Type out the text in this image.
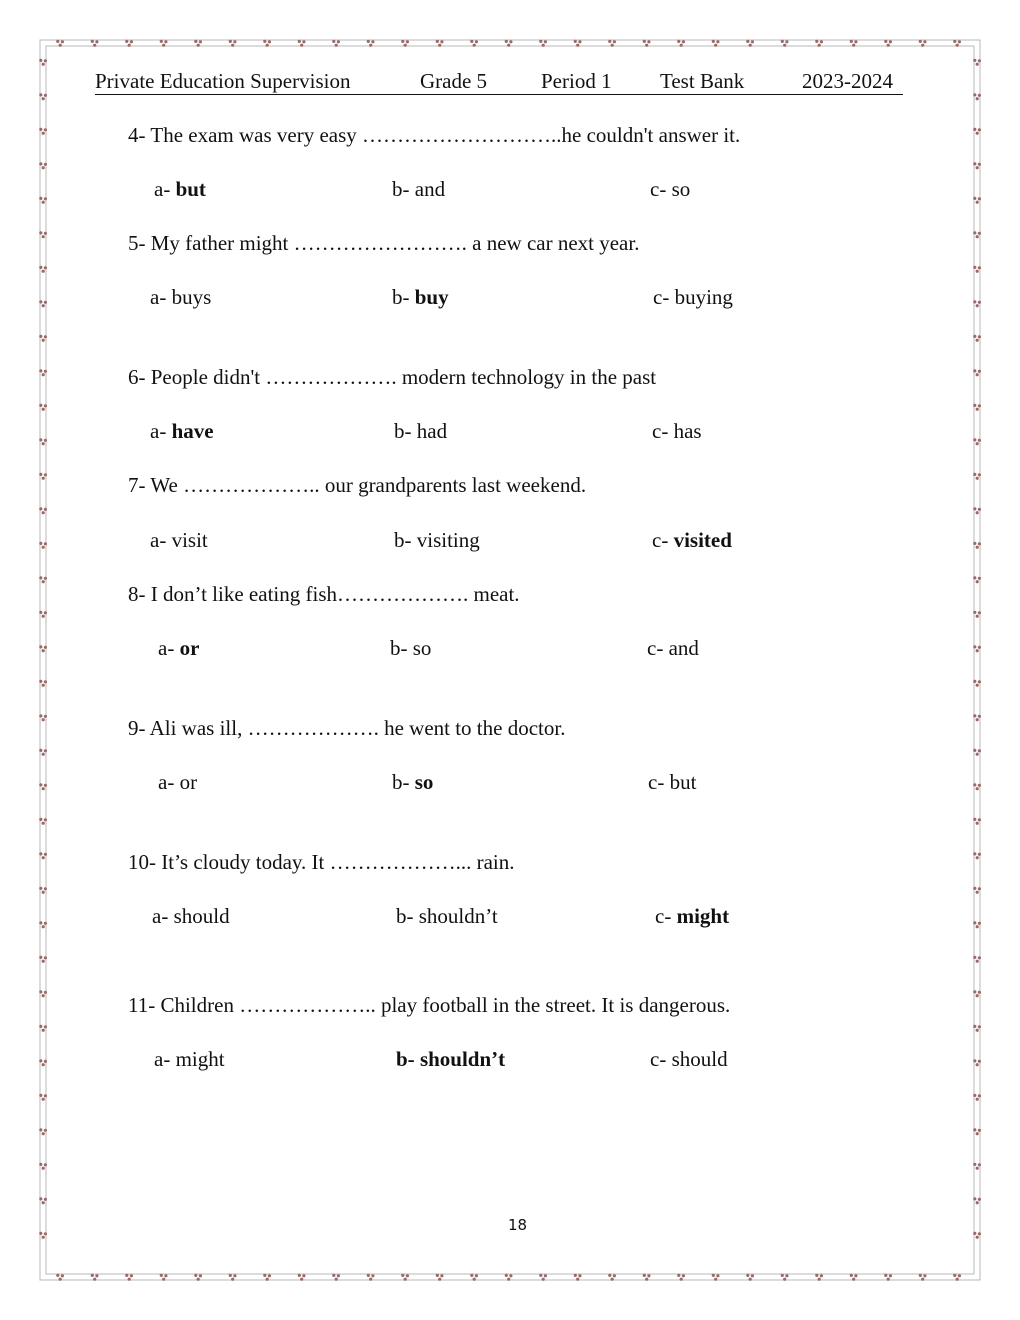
Private Education Supervision	Grade 5	Period 1 Test Bank	2023-2024
4- The exam was very easy ………………………..he couldn't answer it.
a- but	b- and	c- so
5- My father might ……………………. a new car next year.
a- buys	b- buy	c- buying
6- People didn't ………………. modern technology in the past
a- have	b- had	c- has
7- We ……………….. our grandparents last weekend.
a- visit	b- visiting	c- visited
8- I don’t like eating fish………………. meat.
a- or	b- so	c- and
9- Ali was ill, ………………. he went to the doctor.
a- or	b- so	c- but
10- It’s cloudy today. It ………………... rain.
a- should	b- shouldn’t	c- might
11- Children ……………….. play football in the street. It is dangerous.
a- might	b- shouldn’t	c- should
18
